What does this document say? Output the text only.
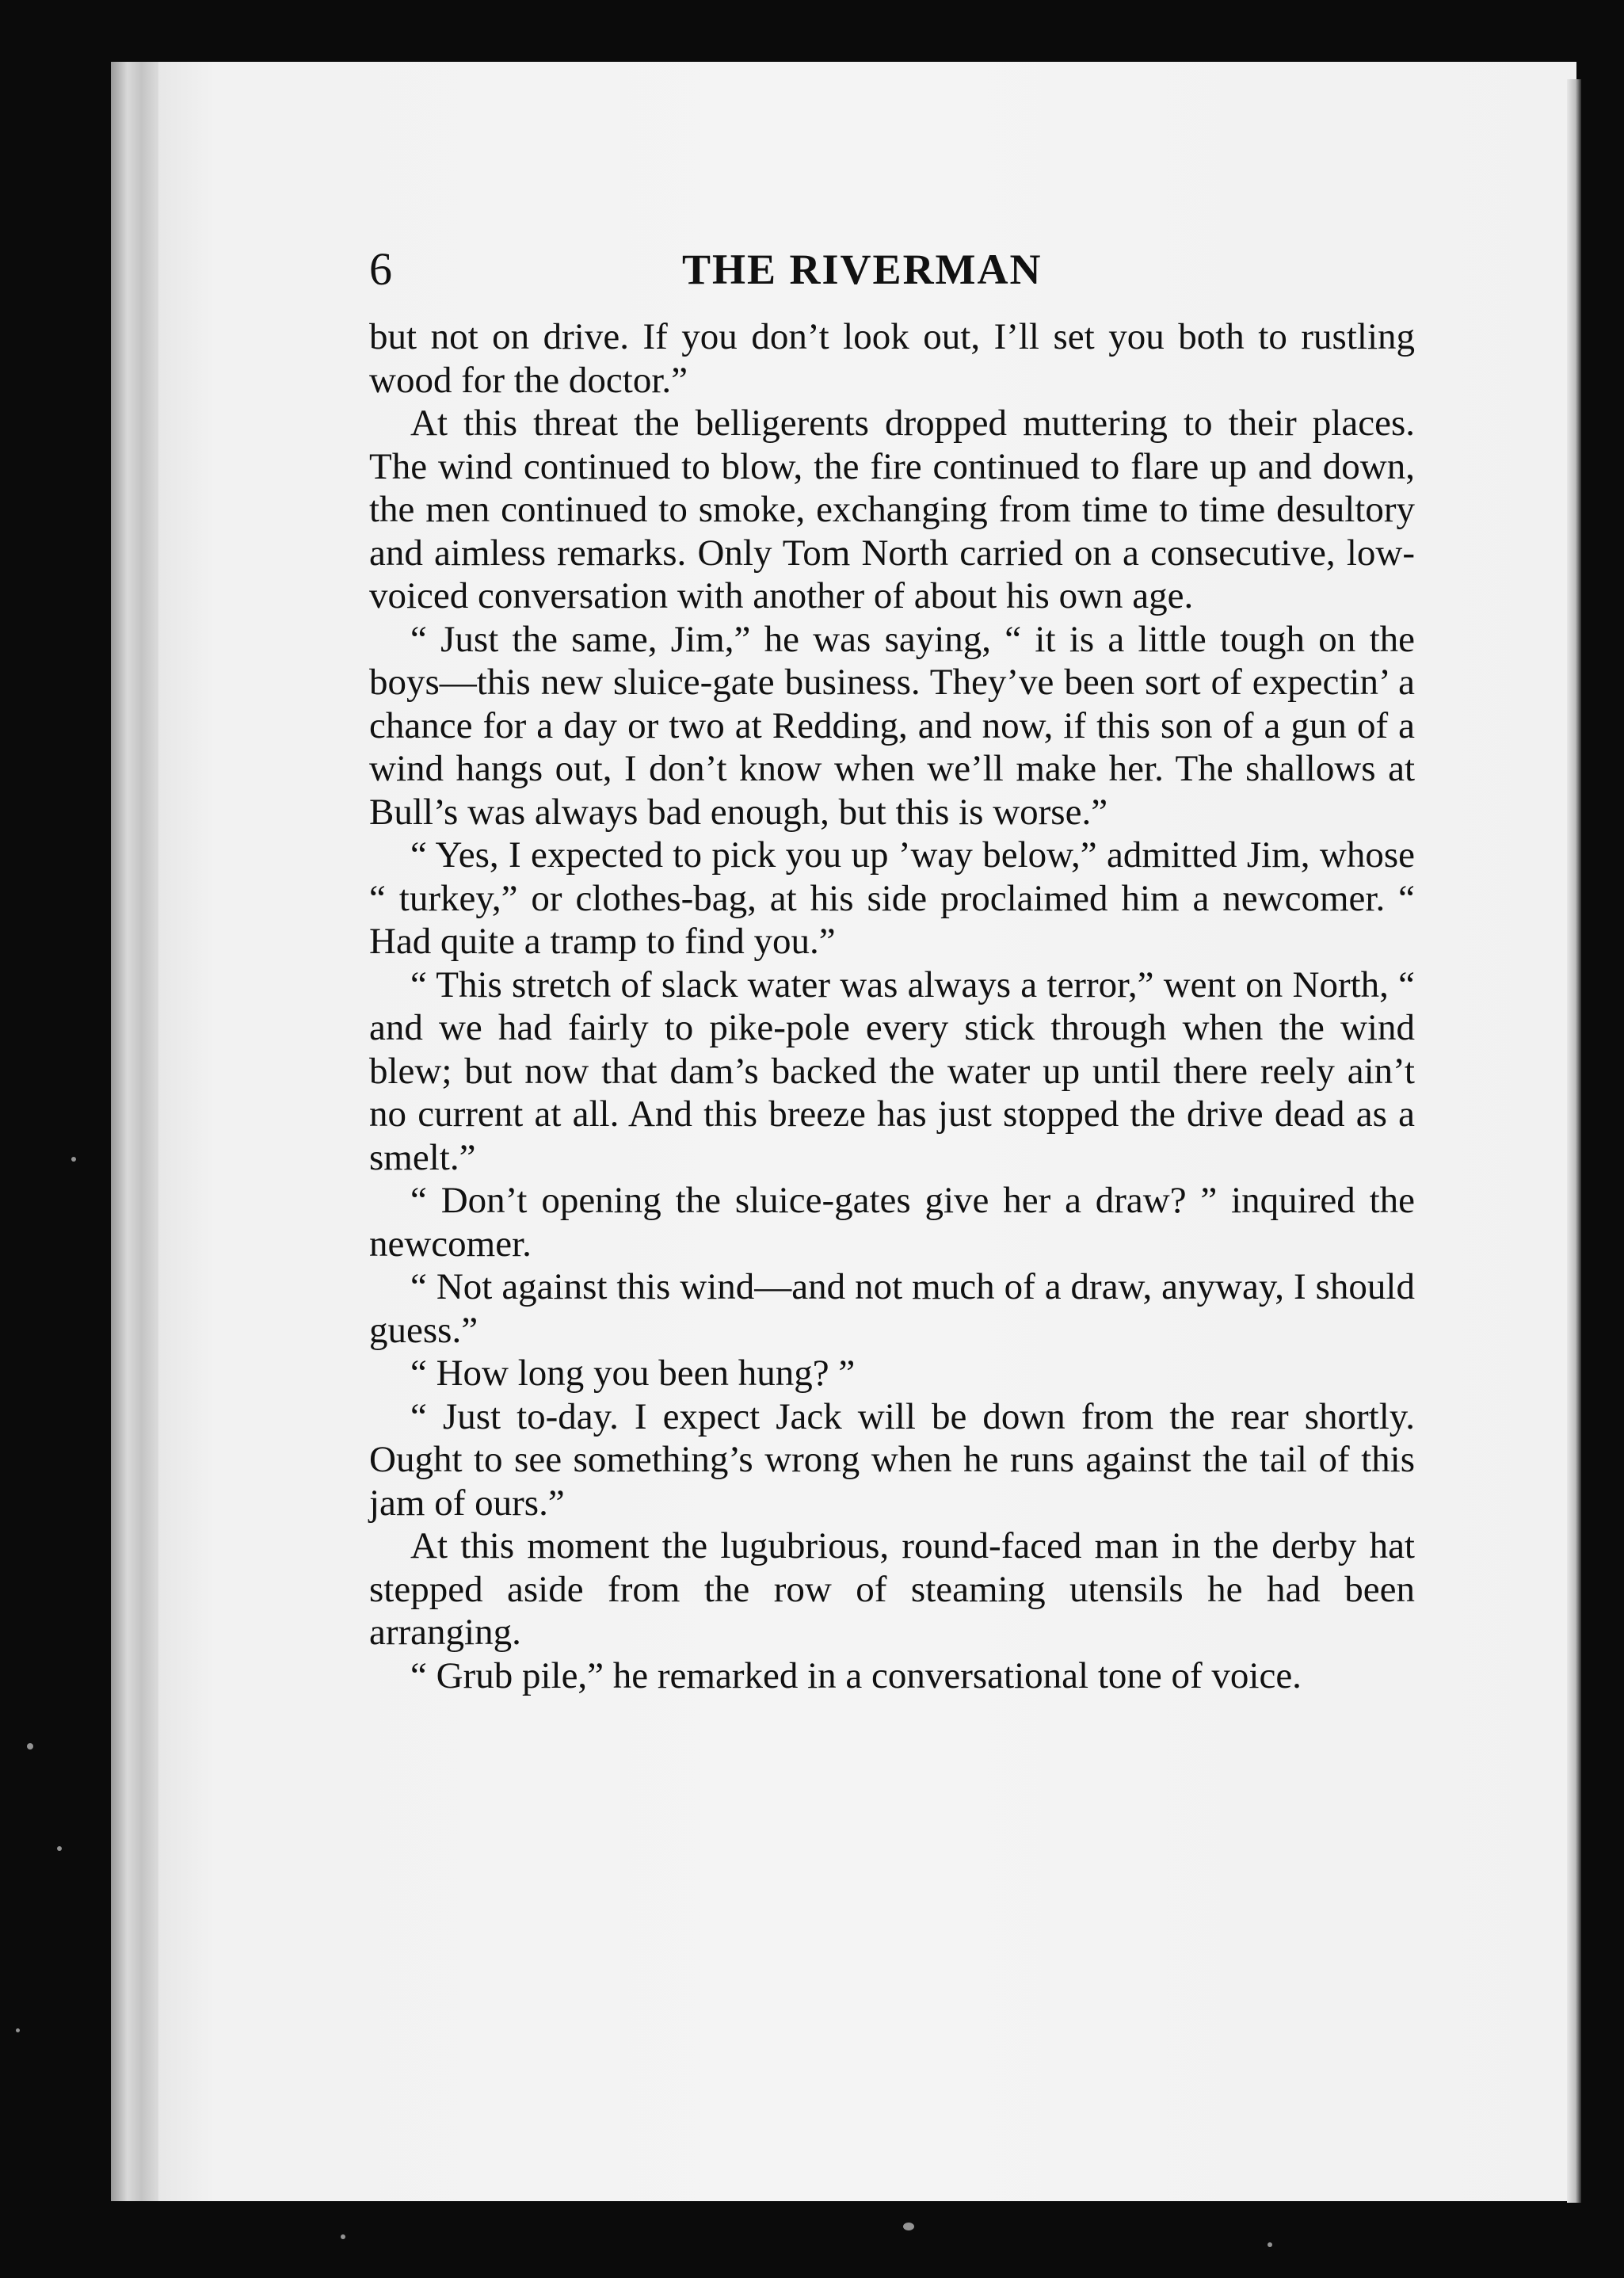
6	THE RIVERMAN

but not on drive. If you don’t look out, I’ll set you both to rustling wood for the doctor.”

At this threat the belligerents dropped muttering to their places. The wind continued to blow, the fire continued to flare up and down, the men continued to smoke, exchanging from time to time desultory and aimless remarks. Only Tom North carried on a consecutive, low-voiced conversation with another of about his own age.

“ Just the same, Jim,” he was saying, “ it is a little tough on the boys—this new sluice-gate business. They’ve been sort of expectin’ a chance for a day or two at Redding, and now, if this son of a gun of a wind hangs out, I don’t know when we’ll make her. The shallows at Bull’s was always bad enough, but this is worse.”

“ Yes, I expected to pick you up ’way below,” admitted Jim, whose “ turkey,” or clothes-bag, at his side proclaimed him a newcomer. “ Had quite a tramp to find you.”

“ This stretch of slack water was always a terror,” went on North, “ and we had fairly to pike-pole every stick through when the wind blew; but now that dam’s backed the water up until there reely ain’t no current at all. And this breeze has just stopped the drive dead as a smelt.”

“ Don’t opening the sluice-gates give her a draw? ” inquired the newcomer.

“ Not against this wind—and not much of a draw, anyway, I should guess.”

“ How long you been hung? ”

“ Just to-day. I expect Jack will be down from the rear shortly. Ought to see something’s wrong when he runs against the tail of this jam of ours.”

At this moment the lugubrious, round-faced man in the derby hat stepped aside from the row of steaming utensils he had been arranging.

“ Grub pile,” he remarked in a conversational tone of voice.
